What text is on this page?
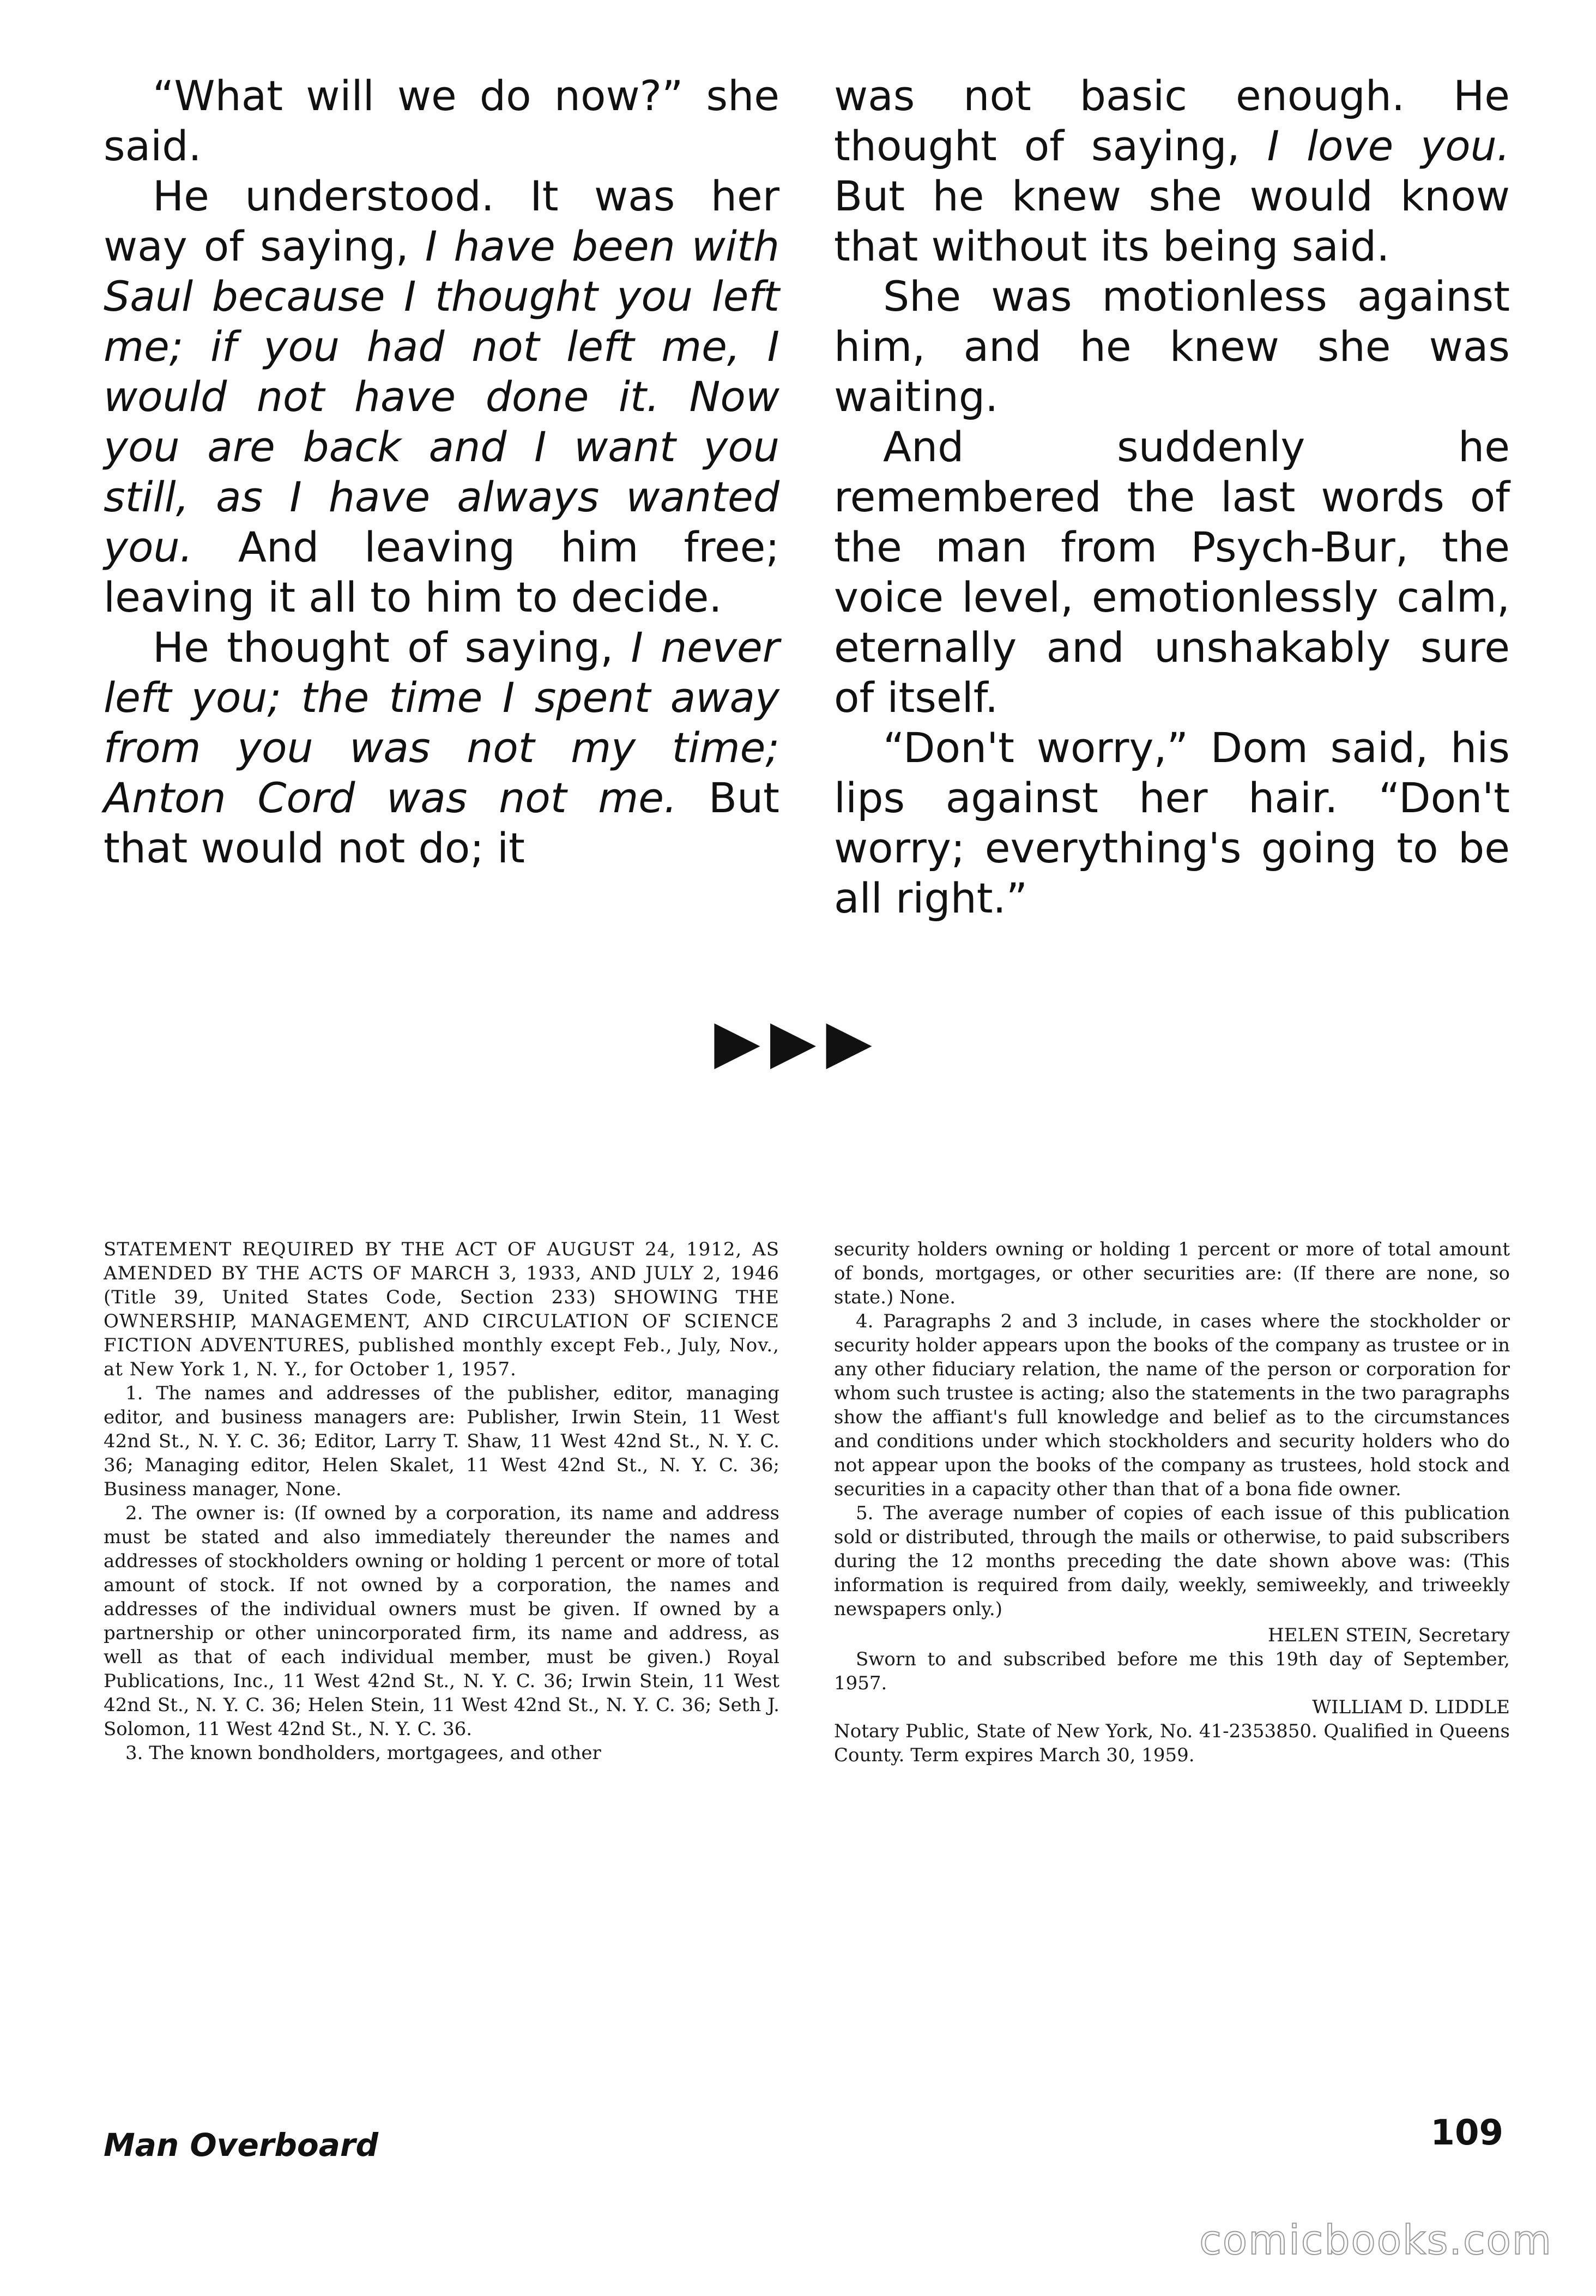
“What will we do now?” she said.

He understood. It was her way of saying, I have been with Saul because I thought you left me; if you had not left me, I would not have done it. Now you are back and I want you still, as I have always wanted you. And leaving him free; leaving it all to him to decide.

He thought of saying, I never left you; the time I spent away from you was not my time; Anton Cord was not me. But that would not do; it

was not basic enough. He thought of saying, I love you. But he knew she would know that without its being said.

She was motionless against him, and he knew she was waiting.

And suddenly he remembered the last words of the man from Psych-Bur, the voice level, emotionlessly calm, eternally and unshakably sure of itself.

“Don't worry,” Dom said, his lips against her hair. “Don't worry; everything's going to be all right.”

▶▶▶

STATEMENT REQUIRED BY THE ACT OF AUGUST 24, 1912, AS AMENDED BY THE ACTS OF MARCH 3, 1933, AND JULY 2, 1946 (Title 39, United States Code, Section 233) SHOWING THE OWNERSHIP, MANAGEMENT, AND CIRCULATION OF SCIENCE FICTION ADVENTURES, published monthly except Feb., July, Nov., at New York 1, N. Y., for October 1, 1957.

1. The names and addresses of the publisher, editor, managing editor, and business managers are: Publisher, Irwin Stein, 11 West 42nd St., N. Y. C. 36; Editor, Larry T. Shaw, 11 West 42nd St., N. Y. C. 36; Managing editor, Helen Skalet, 11 West 42nd St., N. Y. C. 36; Business manager, None.

2. The owner is: (If owned by a corporation, its name and address must be stated and also immediately thereunder the names and addresses of stockholders owning or holding 1 percent or more of total amount of stock. If not owned by a corporation, the names and addresses of the individual owners must be given. If owned by a partnership or other unincorporated firm, its name and address, as well as that of each individual member, must be given.) Royal Publications, Inc., 11 West 42nd St., N. Y. C. 36; Irwin Stein, 11 West 42nd St., N. Y. C. 36; Helen Stein, 11 West 42nd St., N. Y. C. 36; Seth J. Solomon, 11 West 42nd St., N. Y. C. 36.

3. The known bondholders, mortgagees, and other

security holders owning or holding 1 percent or more of total amount of bonds, mortgages, or other securities are: (If there are none, so state.) None.

4. Paragraphs 2 and 3 include, in cases where the stockholder or security holder appears upon the books of the company as trustee or in any other fiduciary relation, the name of the person or corporation for whom such trustee is acting; also the statements in the two paragraphs show the affiant's full knowledge and belief as to the circumstances and conditions under which stockholders and security holders who do not appear upon the books of the company as trustees, hold stock and securities in a capacity other than that of a bona fide owner.

5. The average number of copies of each issue of this publication sold or distributed, through the mails or otherwise, to paid subscribers during the 12 months preceding the date shown above was: (This information is required from daily, weekly, semiweekly, and triweekly newspapers only.)

HELEN STEIN, Secretary

Sworn to and subscribed before me this 19th day of September, 1957.

WILLIAM D. LIDDLE

Notary Public, State of New York, No. 41-2353850. Qualified in Queens County. Term expires March 30, 1959.

Man Overboard	109
comicbooks.com
